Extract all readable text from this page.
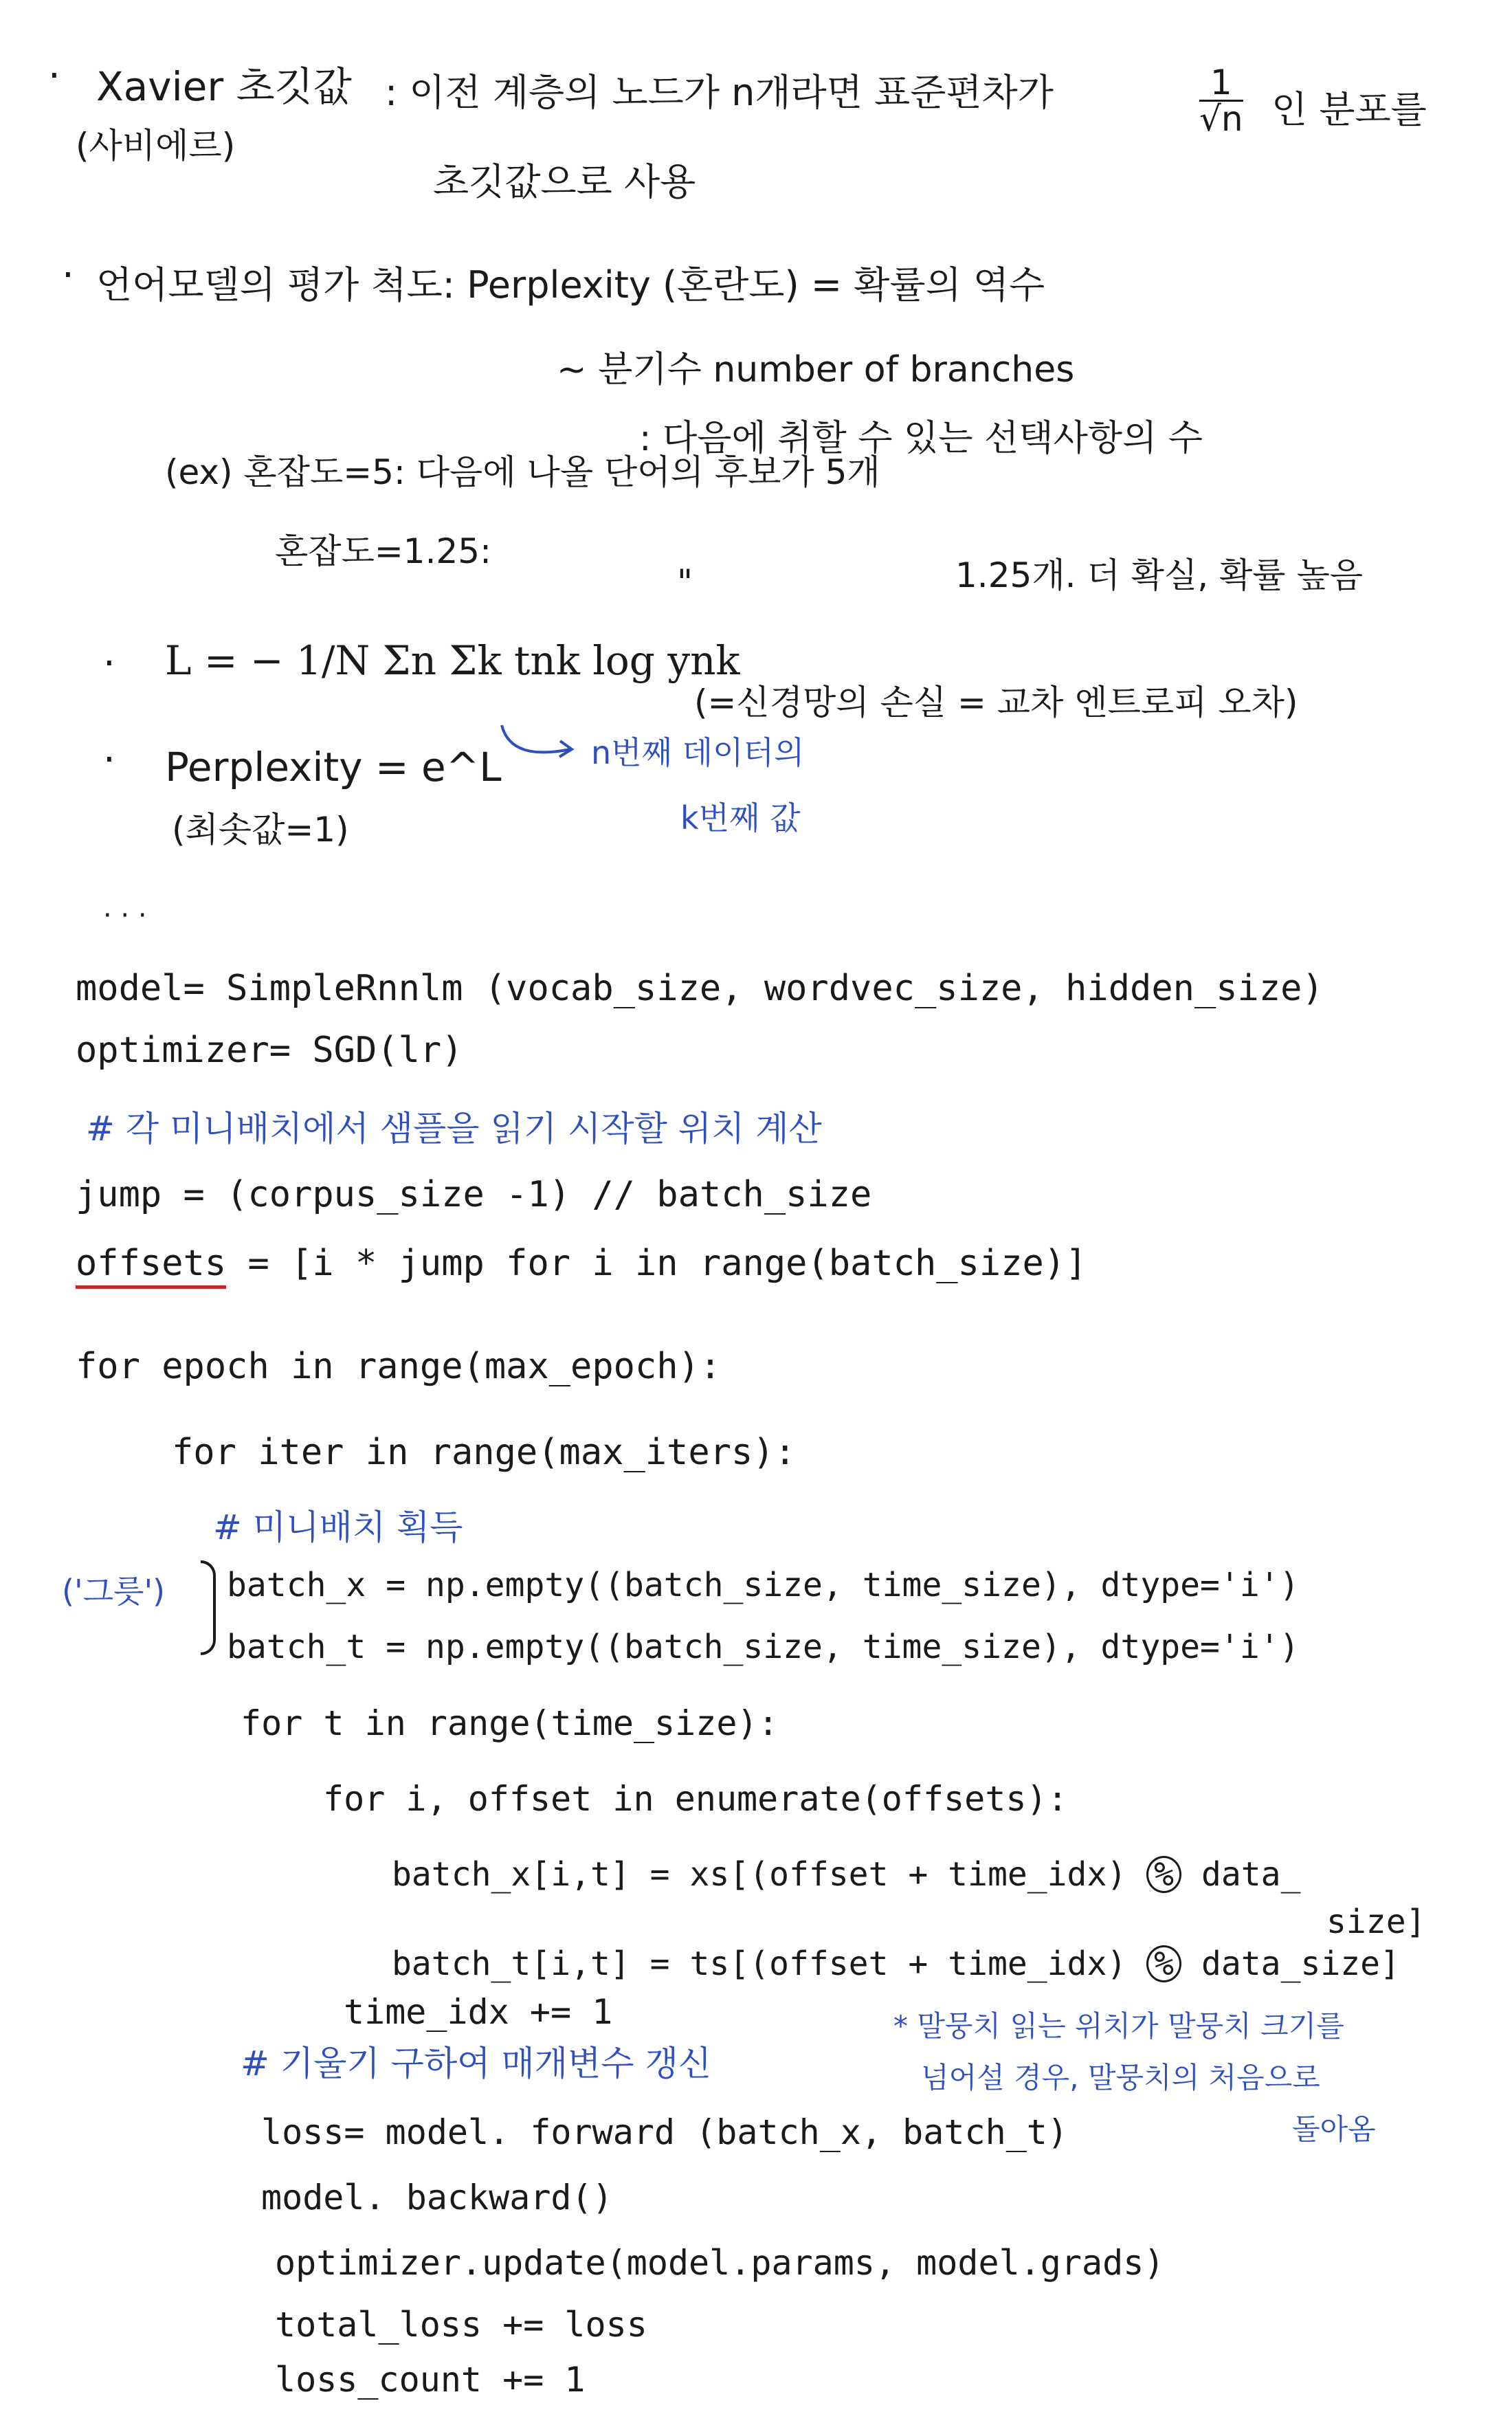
· Xavier 초깃값 : 이전 계층의 노드가 n개라면 표준편차가	$\frac{1}{√n}$ 인 분포를
(사비에르)
초깃값으로 사용
· 언어모델의 평가 척도: Perplexity (혼란도) = 확률의 역수
~ 분기수 number of branches
: 다음에 취할 수 있는 선택사항의 수
(ex) 혼잡도=5: 다음에 나올 단어의 후보가 5개
혼잡도=1.25:
"	1.25개. 더 확실, 확률 높음
· L = − 1/N Σn Σk tnk log ynk
(=신경망의 손실 = 교차 엔트로피 오차)
n번째 데이터의
k번째 값
· Perplexity = e^L
(최솟값=1)
· · ·
model= SimpleRnnlm (vocab_size, wordvec_size, hidden_size)
optimizer= SGD(lr)
# 각 미니배치에서 샘플을 읽기 시작할 위치 계산
jump = (corpus_size -1) // batch_size
offsets = [i * jump for i in range(batch_size)]
for epoch in range(max_epoch):
for iter in range(max_iters):
# 미니배치 획득
('그릇') batch_x = np.empty((batch_size, time_size), dtype='i')
batch_t = np.empty((batch_size, time_size), dtype='i')
for t in range(time_size):
for i, offset in enumerate(offsets):
batch_x[i,t] = xs[(offset + time_idx) % data_
size]
batch_t[i,t] = ts[(offset + time_idx) % data_size]
time_idx += 1	* 말뭉치 읽는 위치가 말뭉치 크기를
넘어설 경우, 말뭉치의 처음으로
돌아옴
# 기울기 구하여 매개변수 갱신
loss= model. forward (batch_x, batch_t)
model. backward()
optimizer.update(model.params, model.grads)
total_loss += loss
loss_count += 1
